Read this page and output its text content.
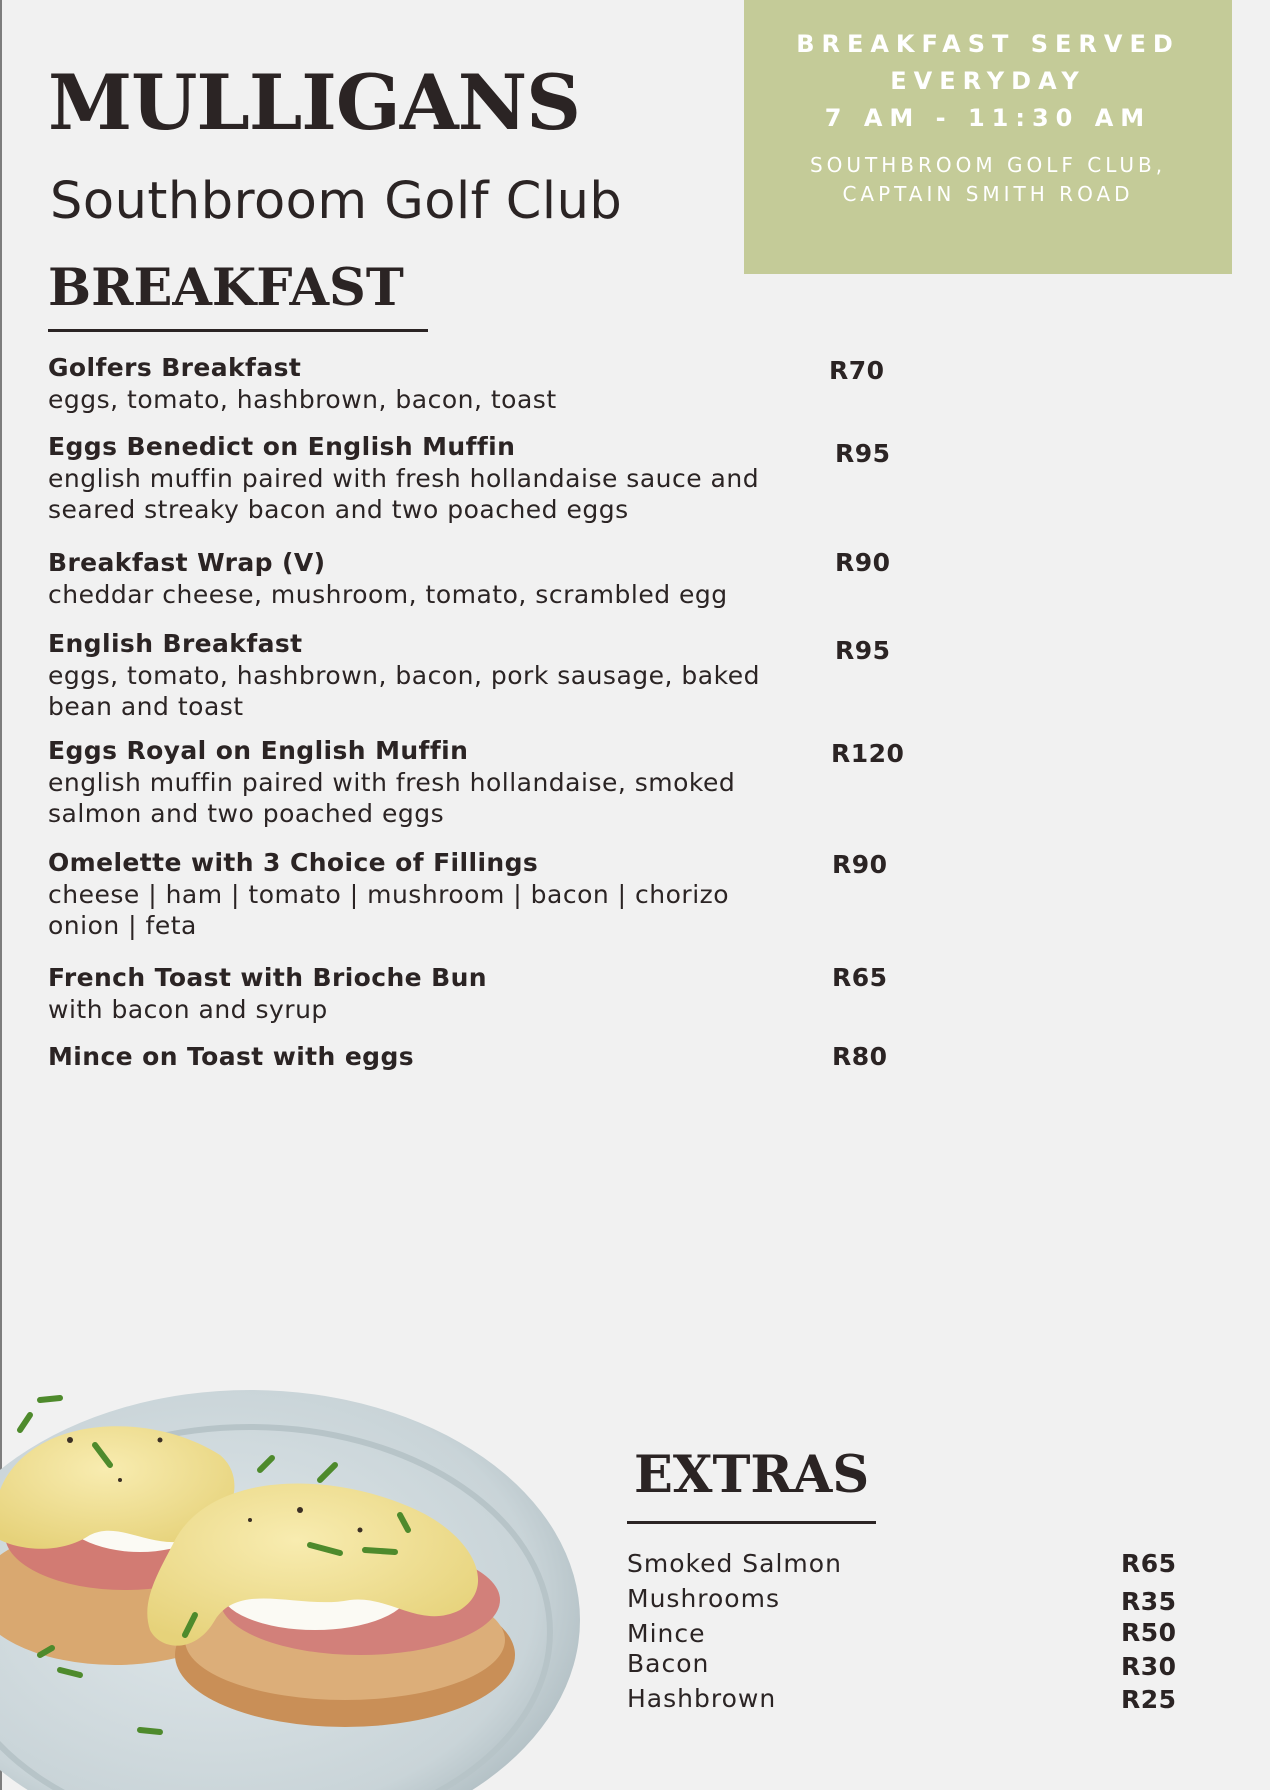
MULLIGANS
Southbroom Golf Club
BREAKFAST
BREAKFAST SERVED
EVERYDAY
7 AM - 11:30 AM
SOUTHBROOM GOLF CLUB,
CAPTAIN SMITH ROAD
Golfers Breakfast
eggs, tomato, hashbrown, bacon, toast
R70
Eggs Benedict on English Muffin
english muffin paired with fresh hollandaise sauce and
seared streaky bacon and two poached eggs
R95
Breakfast Wrap (V)
cheddar cheese, mushroom, tomato, scrambled egg
R90
English Breakfast
eggs, tomato, hashbrown, bacon, pork sausage, baked
bean and toast
R95
Eggs Royal on English Muffin
english muffin paired with fresh hollandaise, smoked
salmon and two poached eggs
R120
Omelette with 3 Choice of Fillings
cheese | ham | tomato | mushroom | bacon | chorizo
onion | feta
R90
French Toast with Brioche Bun
with bacon and syrup
R65
Mince on Toast with eggs	R80
EXTRAS
Smoked Salmon	R65
Mushrooms	R35
Mince	R50
Bacon	R30
Hashbrown	R25
